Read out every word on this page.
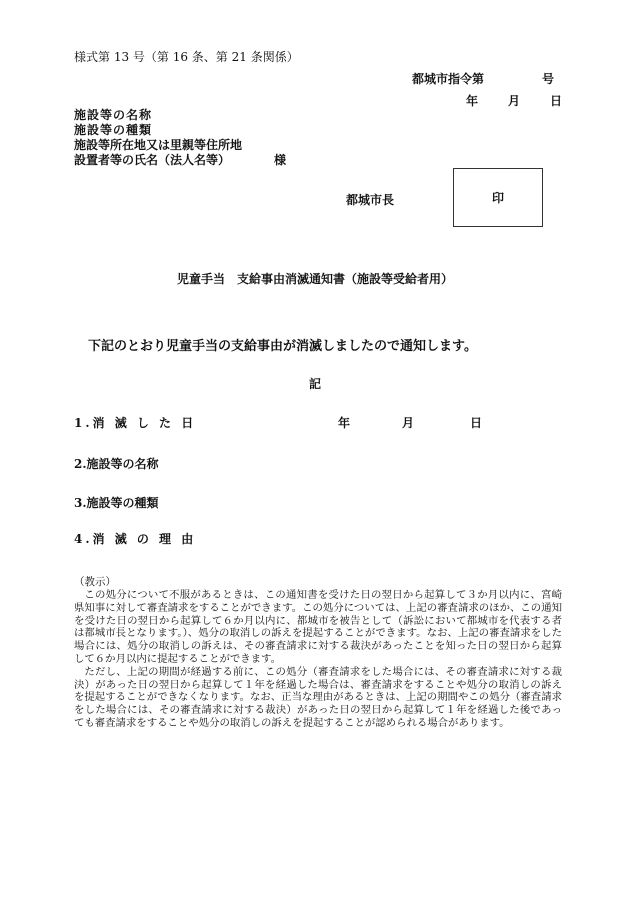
様式第 13 号（第 16 条、第 21 条関係）
都城市指令第	号
年	月	日
施設等の名称
施設等の種類
施設等所在地又は里親等住所地
設置者等の氏名（法人名等）	様
都城市長	印
児童手当　支給事由消滅通知書（施設等受給者用）
下記のとおり児童手当の支給事由が消滅しましたので通知します。
記
1.消 滅 し た 日	年	月	日
2.施設等の名称
3.施設等の種類
4.消 滅 の 理 由
（教示）

この処分について不服があるときは、この通知書を受けた日の翌日から起算して３か月以内に、宮崎県知事に対して審査請求をすることができます。この処分については、上記の審査請求のほか、この通知を受けた日の翌日から起算して６か月以内に、都城市を被告として（訴訟において都城市を代表する者は都城市長となります。）、処分の取消しの訴えを提起することができます。なお、上記の審査請求をした場合には、処分の取消しの訴えは、その審査請求に対する裁決があったことを知った日の翌日から起算して６か月以内に提起することができます。

ただし、上記の期間が経過する前に、この処分（審査請求をした場合には、その審査請求に対する裁決）があった日の翌日から起算して１年を経過した場合は、審査請求をすることや処分の取消しの訴えを提起することができなくなります。なお、正当な理由があるときは、上記の期間やこの処分（審査請求をした場合には、その審査請求に対する裁決）があった日の翌日から起算して１年を経過した後であっても審査請求をすることや処分の取消しの訴えを提起することが認められる場合があります。
